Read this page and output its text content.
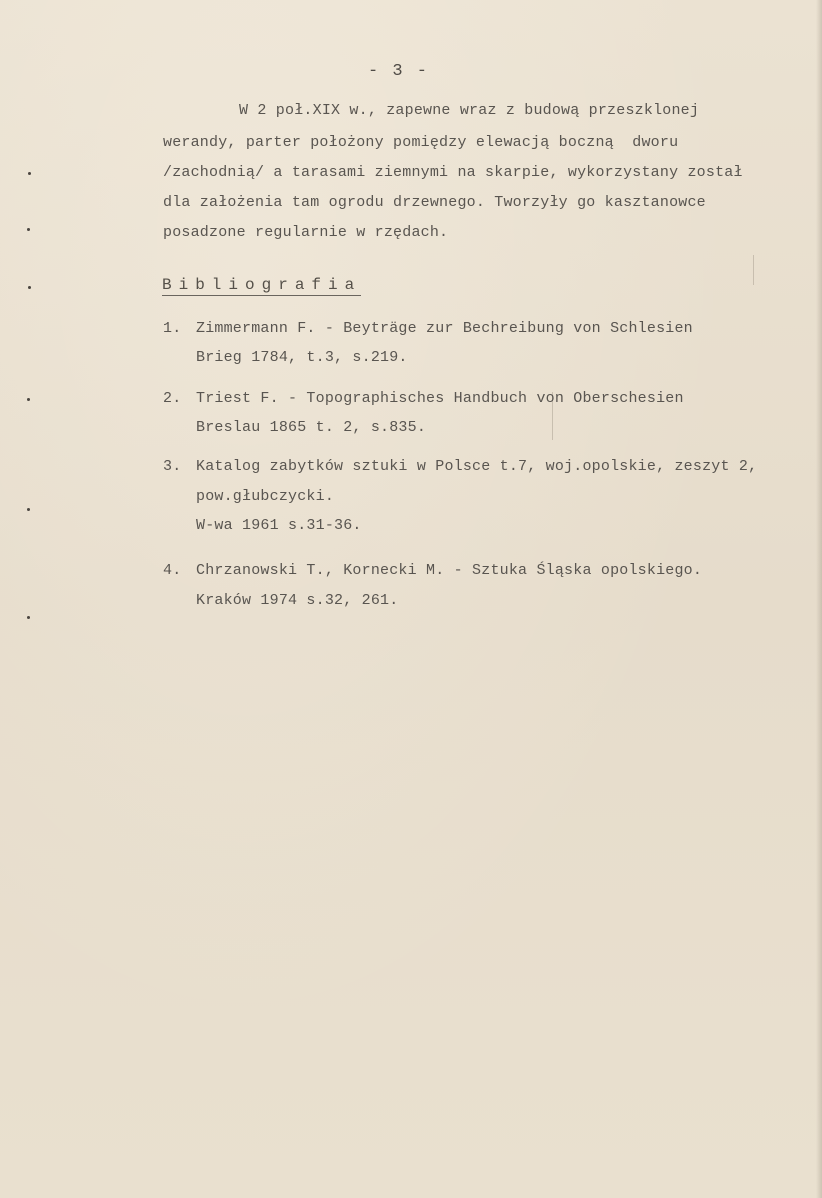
- 3 -
W 2 poł.XIX w., zapewne wraz z budową przeszklonej
werandy, parter położony pomiędzy elewacją boczną  dworu
/zachodnią/ a tarasami ziemnymi na skarpie, wykorzystany został
dla założenia tam ogrodu drzewnego. Tworzyły go kasztanowce
posadzone regularnie w rzędach.
Bibliografia
1. Zimmermann F. - Beyträge zur Bechreibung von Schlesien
Brieg 1784, t.3, s.219.
2. Triest F. - Topographisches Handbuch von Oberschesien
Breslau 1865 t. 2, s.835.
3. Katalog zabytków sztuki w Polsce t.7, woj.opolskie, zeszyt 2,
pow.głubczycki.
W-wa 1961 s.31-36.
4. Chrzanowski T., Kornecki M. - Sztuka Śląska opolskiego.
Kraków 1974 s.32, 261.
